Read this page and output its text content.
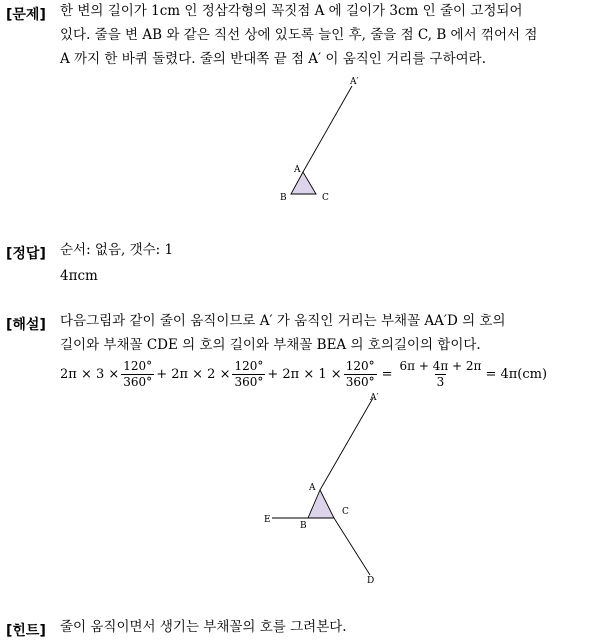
[문제] 한 변의 길이가 1cm 인 정삼각형의 꼭짓점 A 에 길이가 3cm 인 줄이 고정되어
있다. 줄을 변 AB 와 같은 직선 상에 있도록 늘인 후, 줄을 점 C, B 에서 꺾어서 점
A 까지 한 바퀴 돌렸다. 줄의 반대쪽 끝 점 A′ 이 움직인 거리를 구하여라.
A′
A
B	C
[정답] 순서: 없음, 갯수: 1
4πcm
[해설] 다음그림과 같이 줄이 움직이므로 A′ 가 움직인 거리는 부채꼴 AA′D 의 호의
길이와 부채꼴 CDE 의 호의 길이와 부채꼴 BEA 의 호의길이의 합이다.
$2\pi \times 3 \times \frac{120^\circ}{360^\circ} + 2\pi \times 2 \times \frac{120^\circ}{360^\circ} + 2\pi \times 1 \times \frac{120^\circ}{360^\circ} = \frac{6\pi + 4\pi + 2\pi}{3} = 4\pi(cm)$
A′
A
B
C
E
D
[힌트] 줄이 움직이면서 생기는 부채꼴의 호를 그려본다.
